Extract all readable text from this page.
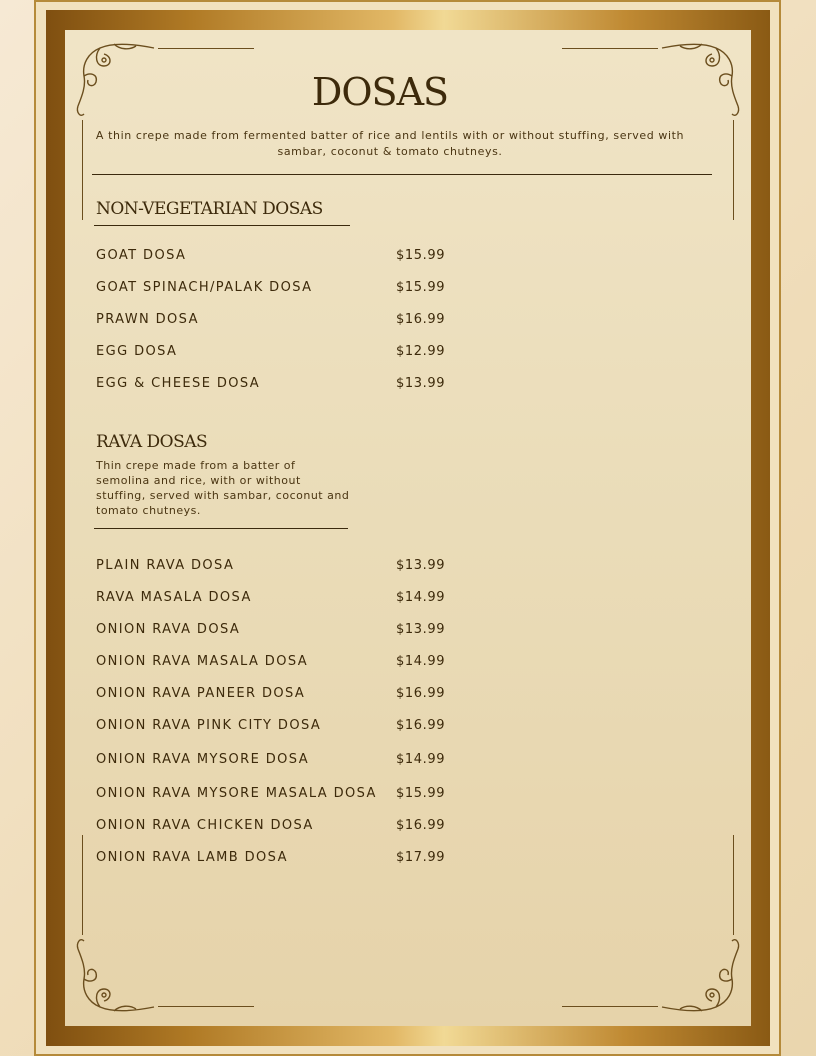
DOSAS
A thin crepe made from fermented batter of rice and lentils with or without stuffing, served with sambar, coconut & tomato chutneys.
NON-VEGETARIAN DOSAS
GOAT DOSA	$15.99
GOAT SPINACH/PALAK DOSA	$15.99
PRAWN DOSA	$16.99
EGG DOSA	$12.99
EGG & CHEESE DOSA	$13.99
RAVA DOSAS
Thin crepe made from a batter of semolina and rice, with or without stuffing, served with sambar, coconut and tomato chutneys.
PLAIN RAVA DOSA	$13.99
RAVA MASALA DOSA	$14.99
ONION RAVA DOSA	$13.99
ONION RAVA MASALA DOSA	$14.99
ONION RAVA PANEER DOSA	$16.99
ONION RAVA PINK CITY DOSA	$16.99
ONION RAVA MYSORE DOSA	$14.99
ONION RAVA MYSORE MASALA DOSA $15.99
ONION RAVA CHICKEN DOSA	$16.99
ONION RAVA LAMB DOSA	$17.99
